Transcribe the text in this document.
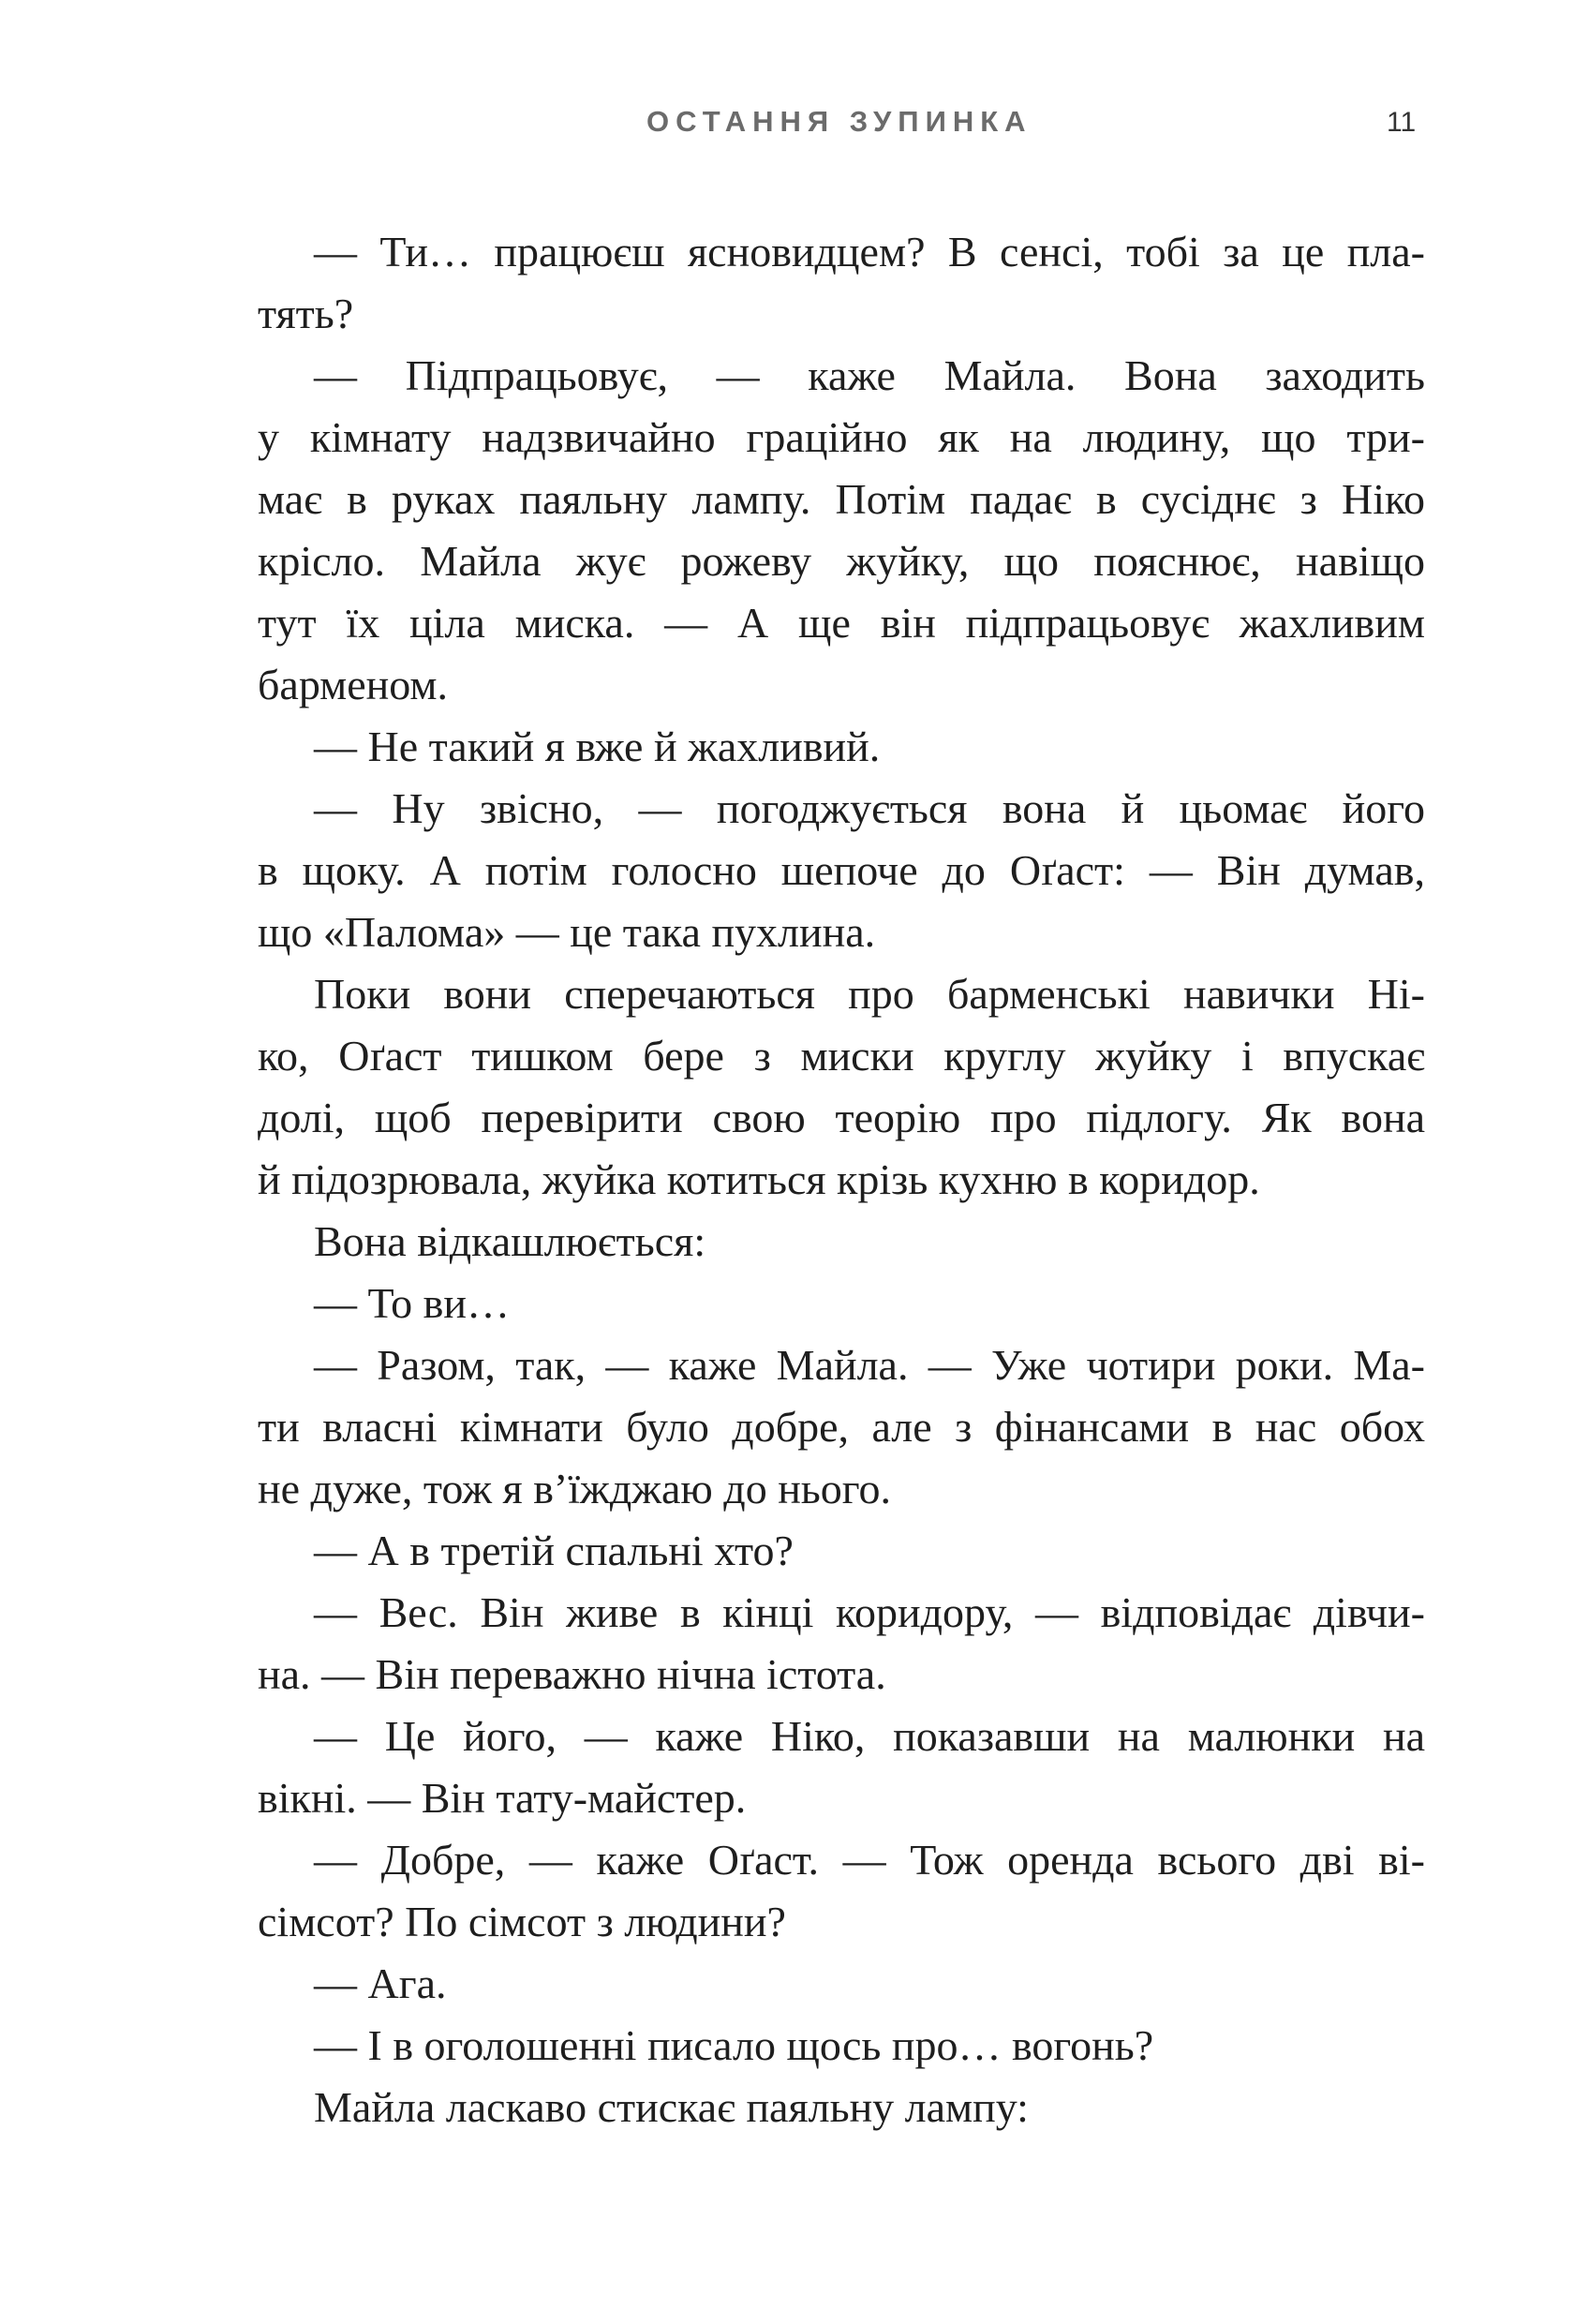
ОСТАННЯ ЗУПИНКА	11
— Ти… працюєш ясновидцем? В сенсі, тобі за це пла-
тять?
— Підпрацьовує, — каже Майла. Вона заходить
у кімнату надзвичайно граційно як на людину, що три-
має в руках паяльну лампу. Потім падає в сусіднє з Ніко
крісло. Майла жує рожеву жуйку, що пояснює, навіщо
тут їх ціла миска. — А ще він підпрацьовує жахливим
барменом.
— Не такий я вже й жахливий.
— Ну звісно, — погоджується вона й цьомає його
в щоку. А потім голосно шепоче до Оґаст: — Він думав,
що «Палома» — це така пухлина.
Поки вони сперечаються про барменські навички Ні-
ко, Оґаст тишком бере з миски круглу жуйку і впускає
долі, щоб перевірити свою теорію про підлогу. Як вона
й підозрювала, жуйка котиться крізь кухню в коридор.
Вона відкашлюється:
— То ви…
— Разом, так, — каже Майла. — Уже чотири роки. Ма-
ти власні кімнати було добре, але з фінансами в нас обох
не дуже, тож я в’їжджаю до нього.
— А в третій спальні хто?
— Вес. Він живе в кінці коридору, — відповідає дівчи-
на. — Він переважно нічна істота.
— Це його, — каже Ніко, показавши на малюнки на
вікні. — Він тату-майстер.
— Добре, — каже Оґаст. — Тож оренда всього дві ві-
сімсот? По сімсот з людини?
— Ага.
— І в оголошенні писало щось про… вогонь?
Майла ласкаво стискає паяльну лампу:
